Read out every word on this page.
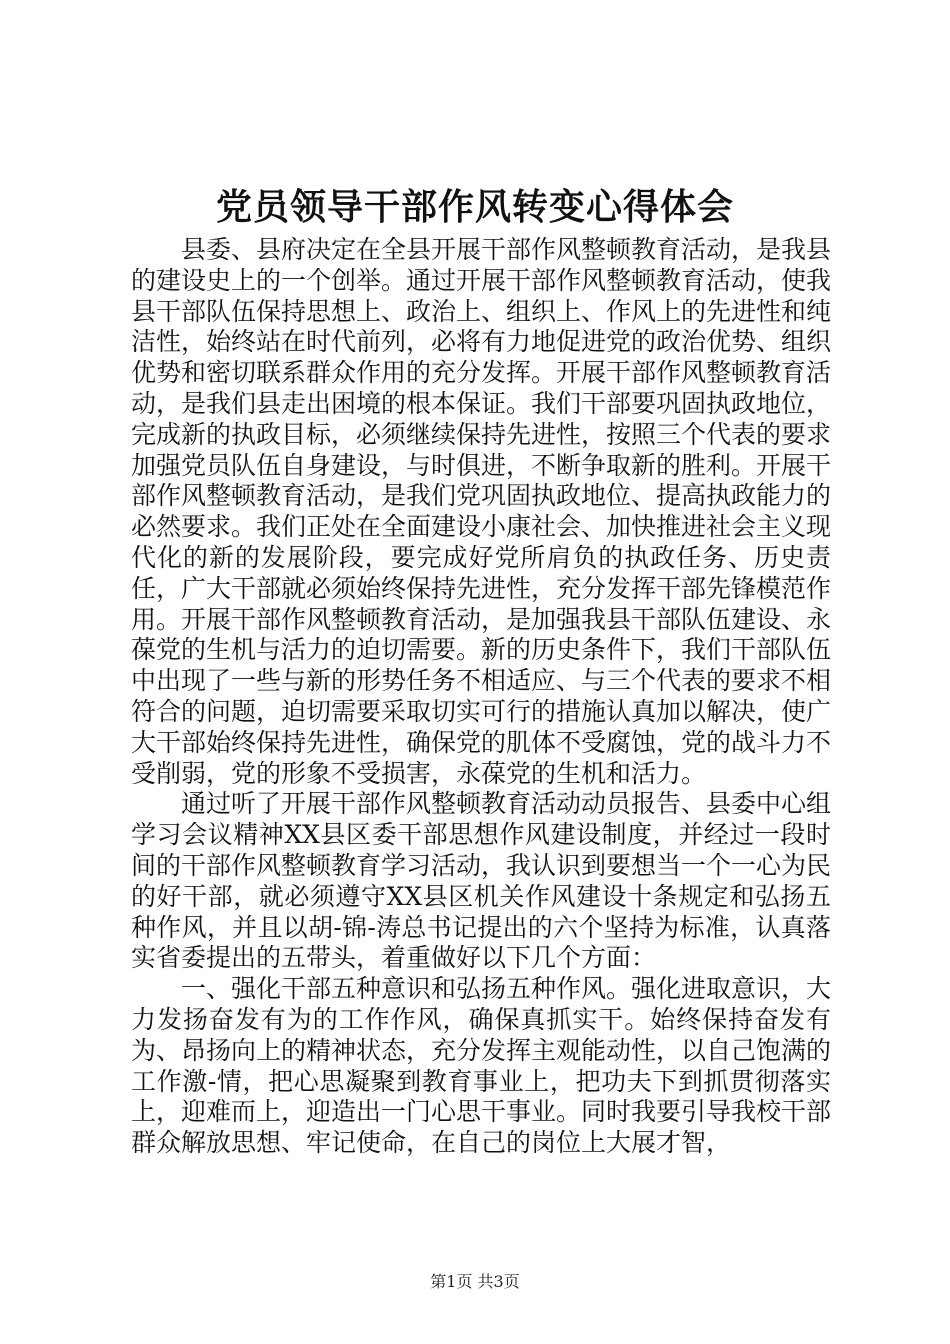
党员领导干部作风转变心得体会

县委、县府决定在全县开展干部作风整顿教育活动，是我县的建设史上的一个创举。通过开展干部作风整顿教育活动，使我县干部队伍保持思想上、政治上、组织上、作风上的先进性和纯洁性，始终站在时代前列，必将有力地促进党的政治优势、组织优势和密切联系群众作用的充分发挥。开展干部作风整顿教育活动，是我们县走出困境的根本保证。我们干部要巩固执政地位，完成新的执政目标，必须继续保持先进性，按照三个代表的要求加强党员队伍自身建设，与时俱进，不断争取新的胜利。开展干部作风整顿教育活动，是我们党巩固执政地位、提高执政能力的必然要求。我们正处在全面建设小康社会、加快推进社会主义现代化的新的发展阶段，要完成好党所肩负的执政任务、历史责任，广大干部就必须始终保持先进性，充分发挥干部先锋模范作用。开展干部作风整顿教育活动，是加强我县干部队伍建设、永葆党的生机与活力的迫切需要。新的历史条件下，我们干部队伍中出现了一些与新的形势任务不相适应、与三个代表的要求不相符合的问题，迫切需要采取切实可行的措施认真加以解决，使广大干部始终保持先进性，确保党的肌体不受腐蚀，党的战斗力不受削弱，党的形象不受损害，永葆党的生机和活力。

通过听了开展干部作风整顿教育活动动员报告、县委中心组学习会议精神XX县区委干部思想作风建设制度，并经过一段时间的干部作风整顿教育学习活动，我认识到要想当一个一心为民的好干部，就必须遵守XX县区机关作风建设十条规定和弘扬五种作风，并且以胡-锦-涛总书记提出的六个坚持为标准，认真落实省委提出的五带头，着重做好以下几个方面：

一、强化干部五种意识和弘扬五种作风。强化进取意识，大力发扬奋发有为的工作作风，确保真抓实干。始终保持奋发有为、昂扬向上的精神状态，充分发挥主观能动性，以自己饱满的工作激-情，把心思凝聚到教育事业上，把功夫下到抓贯彻落实上，迎难而上，迎造出一门心思干事业。同时我要引导我校干部群众解放思想、牢记使命，在自己的岗位上大展才智，

第1页 共3页
